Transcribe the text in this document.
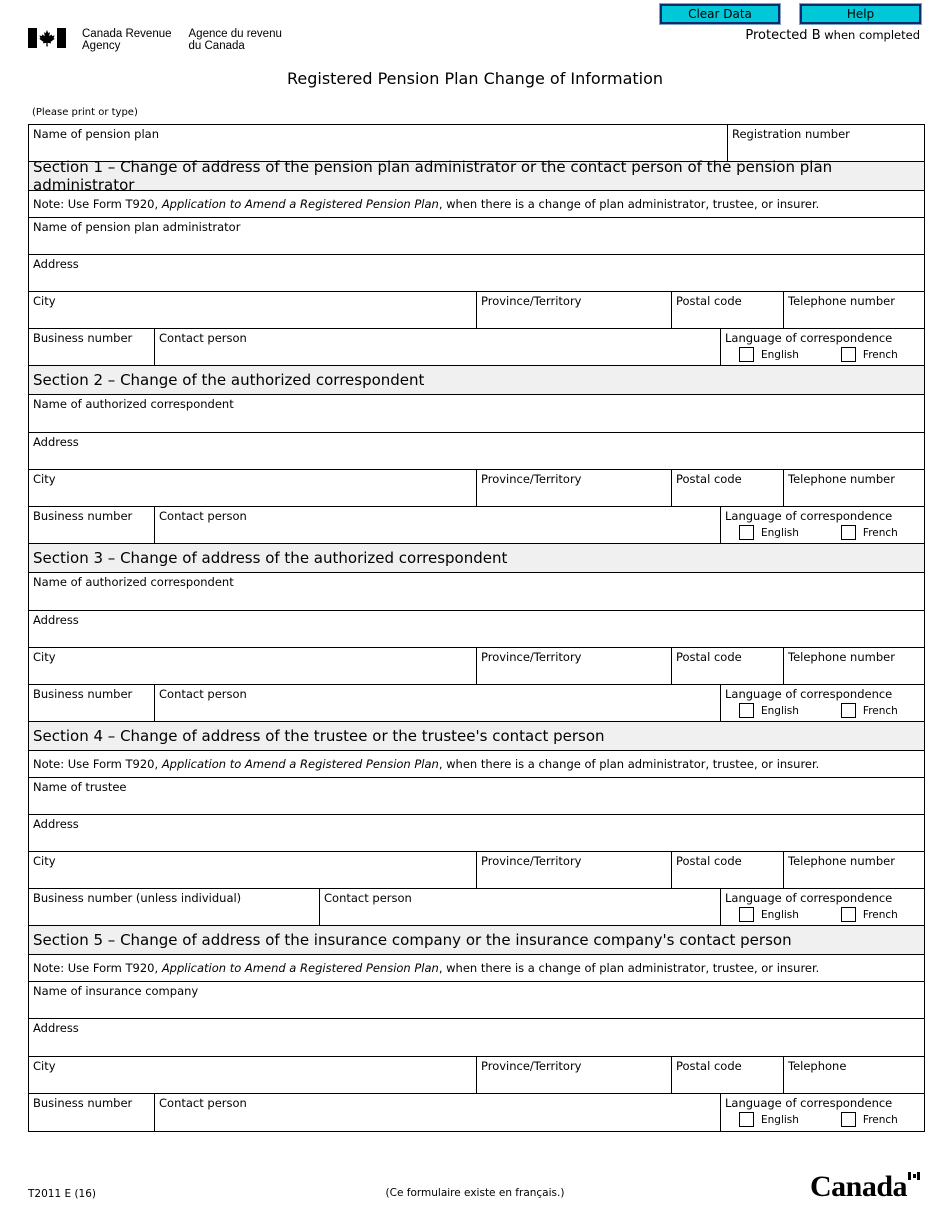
Canada Revenue
Agency
Agence du revenu
du Canada
Clear Data	Help
Protected B when completed
Registered Pension Plan Change of Information
(Please print or type)
Name of pension plan	Registration number
Section 1 – Change of address of the pension plan administrator or the contact person of the pension plan administrator
Note: Use Form T920, Application to Amend a Registered Pension Plan, when there is a change of plan administrator, trustee, or insurer.
Name of pension plan administrator
Address
City	Province/Territory	Postal code	Telephone number
Business number	Contact person	Language of correspondence
English	French
Section 2 – Change of the authorized correspondent
Name of authorized correspondent
Address
City	Province/Territory	Postal code	Telephone number
Business number	Contact person	Language of correspondence
English	French
Section 3 – Change of address of the authorized correspondent
Name of authorized correspondent
Address
City	Province/Territory	Postal code	Telephone number
Business number	Contact person	Language of correspondence
English	French
Section 4 – Change of address of the trustee or the trustee's contact person
Note: Use Form T920, Application to Amend a Registered Pension Plan, when there is a change of plan administrator, trustee, or insurer.
Name of trustee
Address
City	Province/Territory	Postal code	Telephone number
Business number (unless individual)	Contact person	Language of correspondence
English	French
Section 5 – Change of address of the insurance company or the insurance company's contact person
Note: Use Form T920, Application to Amend a Registered Pension Plan, when there is a change of plan administrator, trustee, or insurer.
Name of insurance company
Address
City	Province/Territory	Postal code	Telephone
Business number	Contact person	Language of correspondence
English	French
T2011 E (16)	(Ce formulaire existe en français.)	Canada
